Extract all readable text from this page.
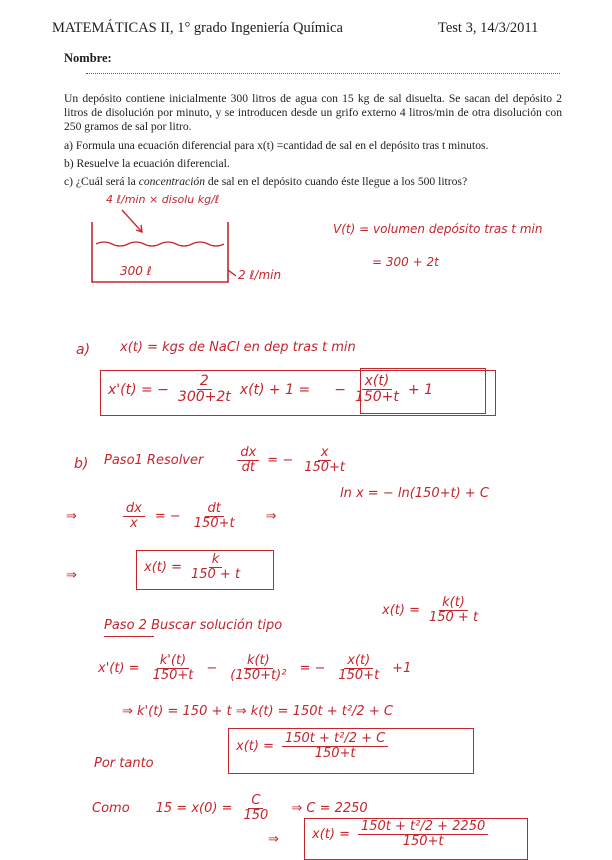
MATEMÁTICAS II, 1° grado Ingeniería Química	Test 3, 14/3/2011
Nombre:
Un depósito contiene inicialmente 300 litros de agua con 15 kg de sal disuelta. Se sacan del depósito 2 litros de disolución por minuto, y se introducen desde un grifo externo 4 litros/min de otra disolución con 250 gramos de sal por litro.
a) Formula una ecuación diferencial para x(t) =cantidad de sal en el depósito tras t minutos.
b) Resuelve la ecuación diferencial.
c) ¿Cuál será la concentración de sal en el depósito cuando éste llegue a los 500 litros?
4 ℓ/min × disolu kg/ℓ
300 ℓ	2 ℓ/min
V(t) = volumen depósito tras t min
= 300 + 2t
a) x(t) = kgs de NaCl en dep tras t min
x'(t) = − $\frac{2}{300+2t} x(t) + 1$ = − $\frac{x(t)}{150+t} + 1$
b) Paso1 Resolver	$\frac{dx}{dt}$ = − $\frac{x}{150+t}$
⇒	$\frac{dx}{x}$ = − $\frac{dt}{150+t}$ ⇒
ln x = − ln(150+t) + C
⇒
$x(t) = \frac{k}{150 + t}$
Paso 2 Buscar solución tipo
$x(t) = \frac{k(t)}{150 + t}$
$x'(t) = \frac{k'(t)}{150+t} - \frac{k(t)}{\text{(150+t)²}}$ = − $\frac{x(t)}{150+t} +1$
⇒ k'(t) = 150 + t ⇒ k(t) = 150t + t²/2 + C
Por tanto
$x(t) = \frac{\text{150t + t²/2 + C}}{150+t}$
Como $15 = x(0) = \frac{C}{150}$ ⇒ C = 2250
⇒	$x(t) = \frac{\text{150t + t²/2 + 2250}}{150+t}$
